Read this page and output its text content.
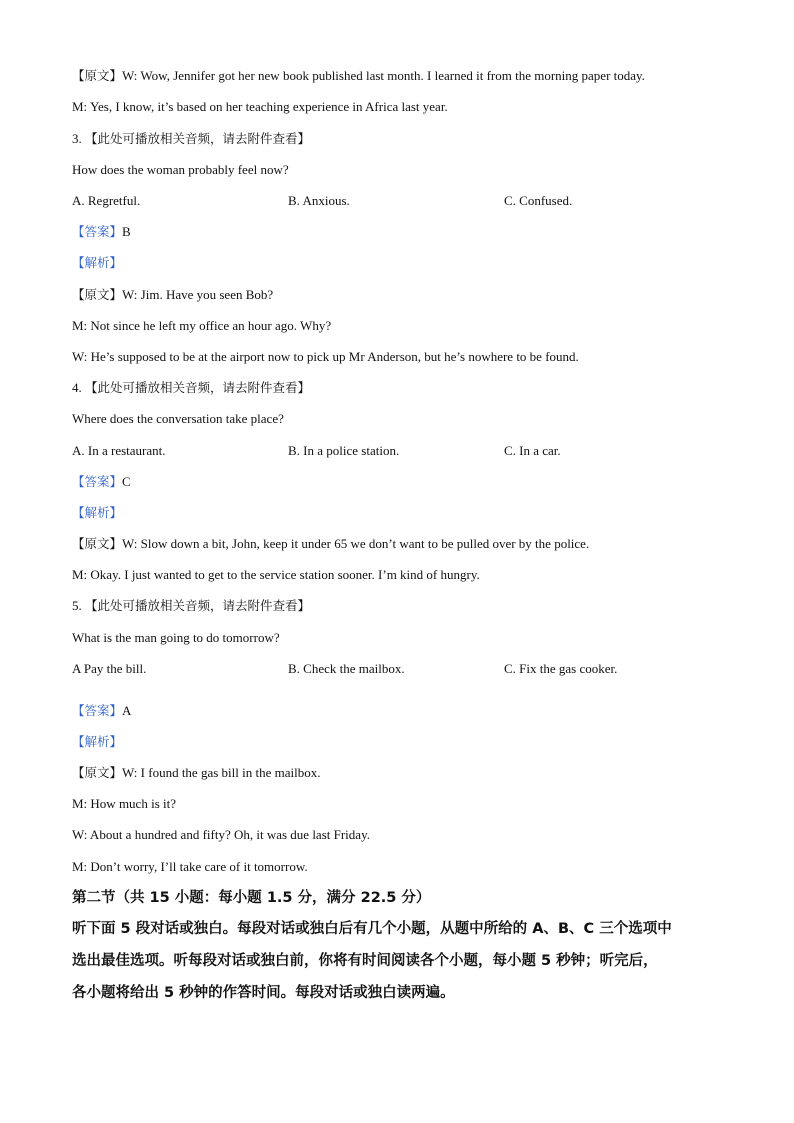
【原文】W: Wow, Jennifer got her new book published last month. I learned it from the morning paper today.
M: Yes, I know, it’s based on her teaching experience in Africa last year.
3. 【此处可播放相关音频，请去附件查看】
How does the woman probably feel now?
A. Regretful.	B. Anxious.	C. Confused.
【答案】B
【解析】
【原文】W: Jim. Have you seen Bob?
M: Not since he left my office an hour ago. Why?
W: He’s supposed to be at the airport now to pick up Mr Anderson, but he’s nowhere to be found.
4. 【此处可播放相关音频，请去附件查看】
Where does the conversation take place?
A. In a restaurant.	B. In a police station.	C. In a car.
【答案】C
【解析】
【原文】W: Slow down a bit, John, keep it under 65 we don’t want to be pulled over by the police.
M: Okay. I just wanted to get to the service station sooner. I’m kind of hungry.
5. 【此处可播放相关音频，请去附件查看】
What is the man going to do tomorrow?
A Pay the bill.	B. Check the mailbox.	C. Fix the gas cooker.
【答案】A
【解析】
【原文】W: I found the gas bill in the mailbox.
M: How much is it?
W: About a hundred and fifty? Oh, it was due last Friday.
M: Don’t worry, I’ll take care of it tomorrow.
第二节（共 15 小题：每小题 1.5 分，满分 22.5 分）
听下面 5 段对话或独白。每段对话或独白后有几个小题，从题中所给的 A、B、C 三个选项中
选出最佳选项。听每段对话或独白前，你将有时间阅读各个小题，每小题 5 秒钟；听完后，
各小题将给出 5 秒钟的作答时间。每段对话或独白读两遍。
